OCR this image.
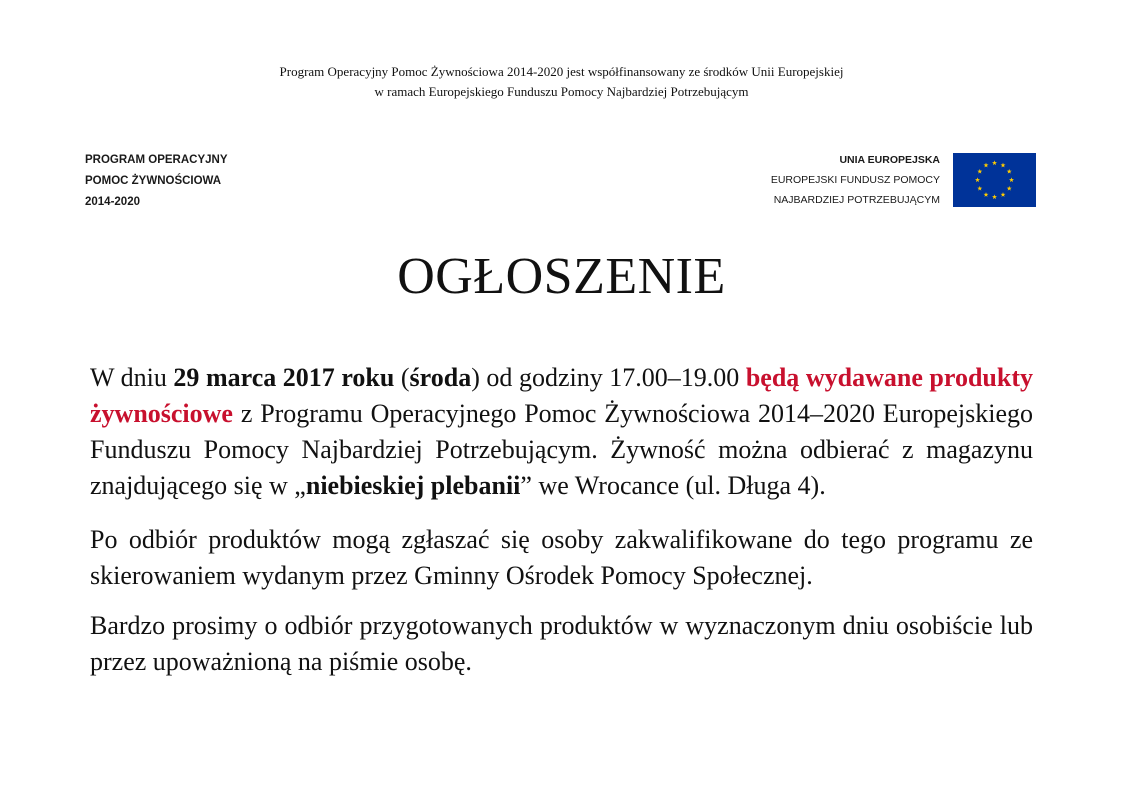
Program Operacyjny Pomoc Żywnościowa 2014-2020 jest współfinansowany ze środków Unii Europejskiej
w ramach Europejskiego Funduszu Pomocy Najbardziej Potrzebującym
PROGRAM OPERACYJNY
POMOC ŻYWNOŚCIOWA
2014-2020
UNIA EUROPEJSKA
EUROPEJSKI FUNDUSZ POMOCY
NAJBARDZIEJ POTRZEBUJĄCYM
OGŁOSZENIE

W dniu 29 marca 2017 roku (środa) od godziny 17.00–19.00 będą wydawane produkty żywnościowe z Programu Operacyjnego Pomoc Żywnościowa 2014–2020 Europejskiego Funduszu Pomocy Najbardziej Potrzebującym. Żywność można odbierać z magazynu znajdującego się w „niebieskiej plebanii” we Wrocance (ul. Długa 4).

Po odbiór produktów mogą zgłaszać się osoby zakwalifikowane do tego programu ze skierowaniem wydanym przez Gminny Ośrodek Pomocy Społecznej.

Bardzo prosimy o odbiór przygotowanych produktów w wyznaczonym dniu osobiście lub przez upoważnioną na piśmie osobę.
